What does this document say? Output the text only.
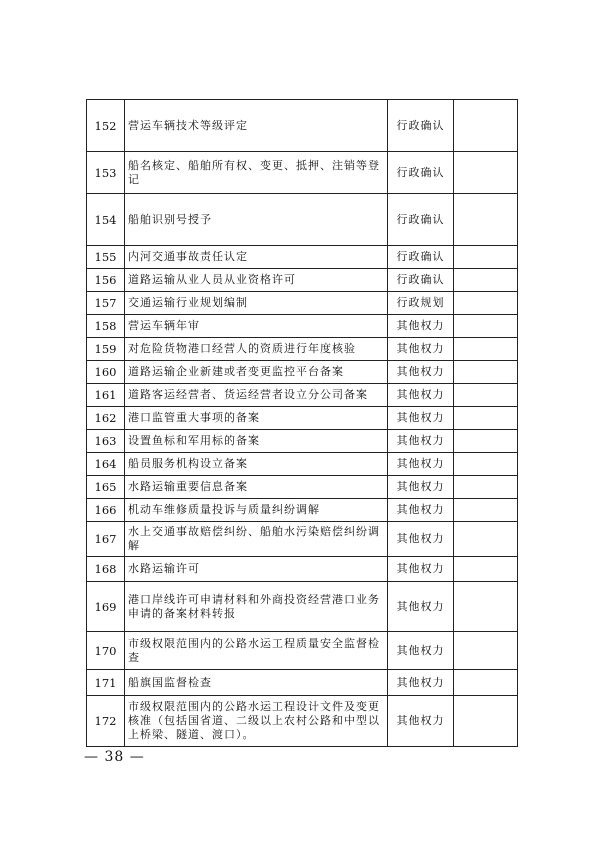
152	营运车辆技术等级评定	行政确认	
153	船名核定、船舶所有权、变更、抵押、注销等登记	行政确认	
154	船舶识别号授予	行政确认	
155	内河交通事故责任认定	行政确认	
156	道路运输从业人员从业资格许可	行政确认	
157	交通运输行业规划编制	行政规划	
158	营运车辆年审	其他权力	
159	对危险货物港口经营人的资质进行年度核验	其他权力	
160	道路运输企业新建或者变更监控平台备案	其他权力	
161	道路客运经营者、货运经营者设立分公司备案	其他权力	
162	港口监管重大事项的备案	其他权力	
163	设置鱼标和军用标的备案	其他权力	
164	船员服务机构设立备案	其他权力	
165	水路运输重要信息备案	其他权力	
166	机动车维修质量投诉与质量纠纷调解	其他权力	
167	水上交通事故赔偿纠纷、船舶水污染赔偿纠纷调解	其他权力	
168	水路运输许可	其他权力	
169	港口岸线许可申请材料和外商投资经营港口业务申请的备案材料转报	其他权力	
170	市级权限范围内的公路水运工程质量安全监督检查	其他权力	
171	船旗国监督检查	其他权力	
172	市级权限范围内的公路水运工程设计文件及变更核准（包括国省道、二级以上农村公路和中型以上桥梁、隧道、渡口）。	其他权力	
— 38 —
